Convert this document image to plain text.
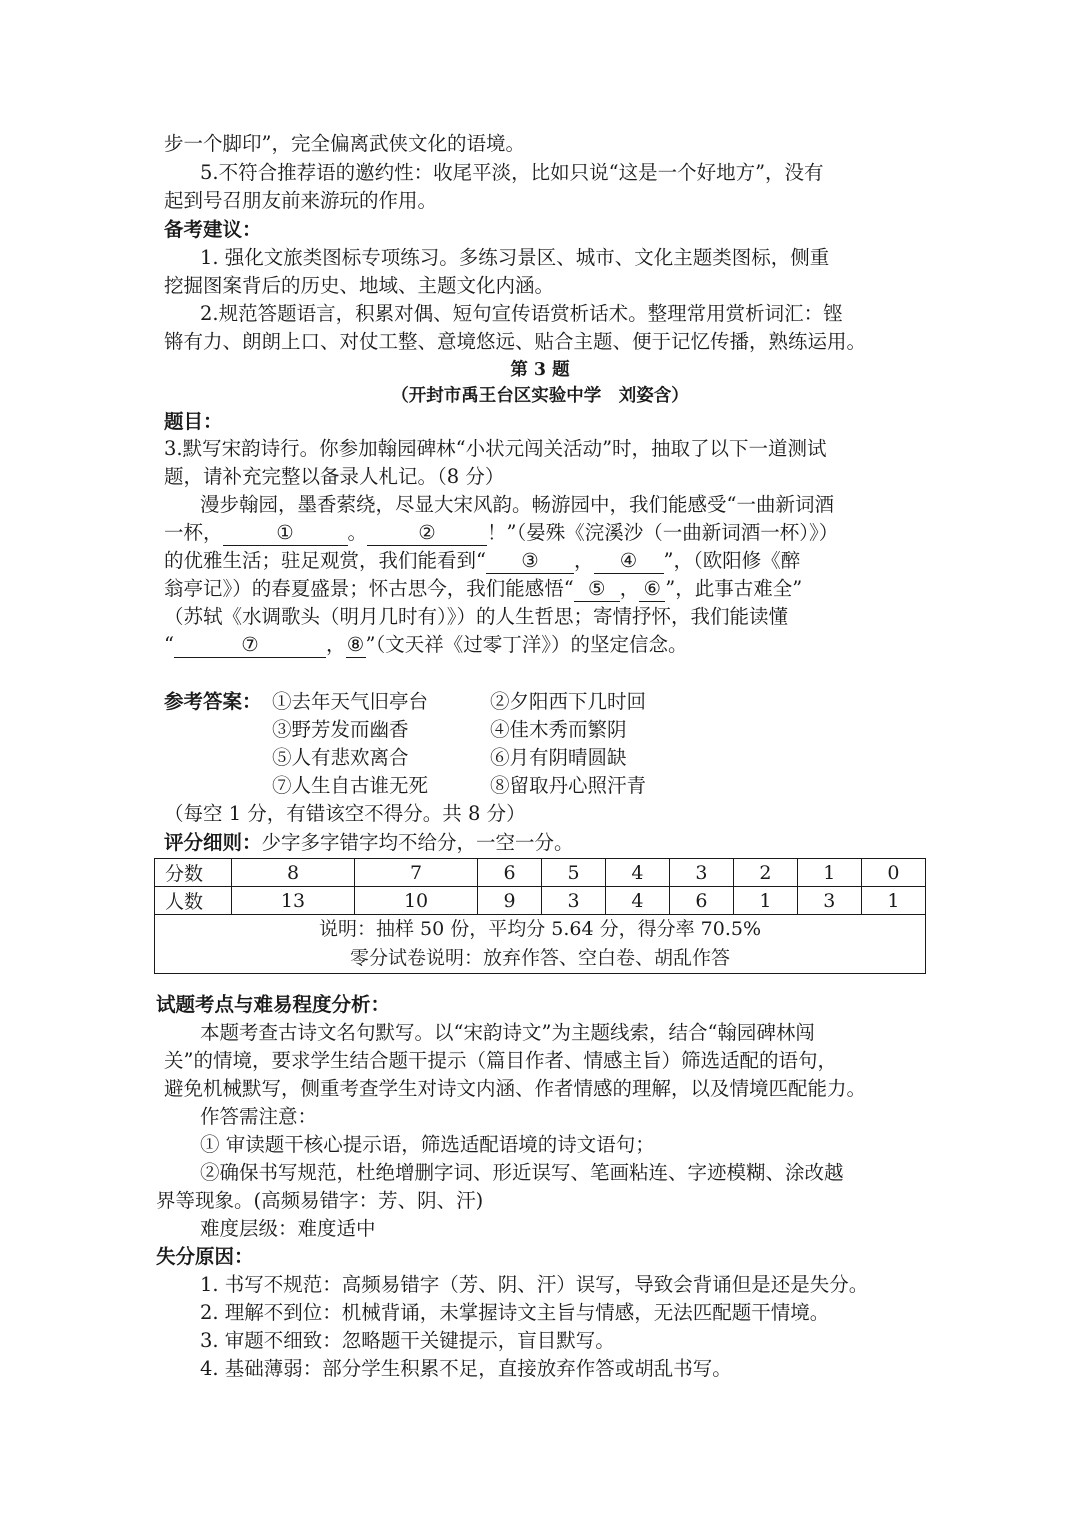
步一个脚印”，完全偏离武侠文化的语境。
5.不符合推荐语的邀约性：收尾平淡，比如只说“这是一个好地方”，没有
起到号召朋友前来游玩的作用。
备考建议：
1. 强化文旅类图标专项练习。多练习景区、城市、文化主题类图标，侧重
挖掘图案背后的历史、地域、主题文化内涵。
2.规范答题语言，积累对偶、短句宣传语赏析话术。整理常用赏析词汇：铿
锵有力、朗朗上口、对仗工整、意境悠远、贴合主题、便于记忆传播，熟练运用。
第 3 题
（开封市禹王台区实验中学　刘姿含）
题目：
3.默写宋韵诗行。你参加翰园碑林“小状元闯关活动”时，抽取了以下一道测试
题，请补充完整以备录人札记。（8 分）
漫步翰园，墨香萦绕，尽显大宋风韵。畅游园中，我们能感受“一曲新词酒
一杯，	①	。	②	！”（晏殊《浣溪沙（一曲新词酒一杯）》）
的优雅生活；驻足观赏，我们能看到“ ③ ， ④ ”，（欧阳修《醉
翁亭记》）的春夏盛景；怀古思今，我们能感悟“ ⑤ ， ⑥ ”，此事古难全”
（苏轼《水调歌头（明月几时有）》）的人生哲思；寄情抒怀，我们能读懂
“	⑦	，⑧”（文天祥《过零丁洋》）的坚定信念。
参考答案： ①去年天气旧亭台	②夕阳西下几时回
③野芳发而幽香	④佳木秀而繁阴
⑤人有悲欢离合	⑥月有阴晴圆缺
⑦人生自古谁无死	⑧留取丹心照汗青
（每空 1 分，有错该空不得分。共 8 分）
评分细则：少字多字错字均不给分，一空一分。
分数	8	7	6	5	4	3	2	1	0
人数	13	10	9	3	4	6	1	3	1

说明：抽样 50 份，平均分 5.64 分，得分率 70.5%
零分试卷说明：放弃作答、空白卷、胡乱作答									
试题考点与难易程度分析：
本题考查古诗文名句默写。以“宋韵诗文”为主题线索，结合“翰园碑林闯
关”的情境，要求学生结合题干提示（篇目作者、情感主旨）筛选适配的语句，
避免机械默写，侧重考查学生对诗文内涵、作者情感的理解，以及情境匹配能力。
作答需注意：
① 审读题干核心提示语，筛选适配语境的诗文语句；
②确保书写规范，杜绝增删字词、形近误写、笔画粘连、字迹模糊、涂改越
界等现象。(高频易错字：芳、阴、汗)
难度层级：难度适中
失分原因：
1. 书写不规范：高频易错字（芳、阴、汗）误写，导致会背诵但是还是失分。
2. 理解不到位：机械背诵，未掌握诗文主旨与情感，无法匹配题干情境。
3. 审题不细致：忽略题干关键提示，盲目默写。
4. 基础薄弱：部分学生积累不足，直接放弃作答或胡乱书写。
